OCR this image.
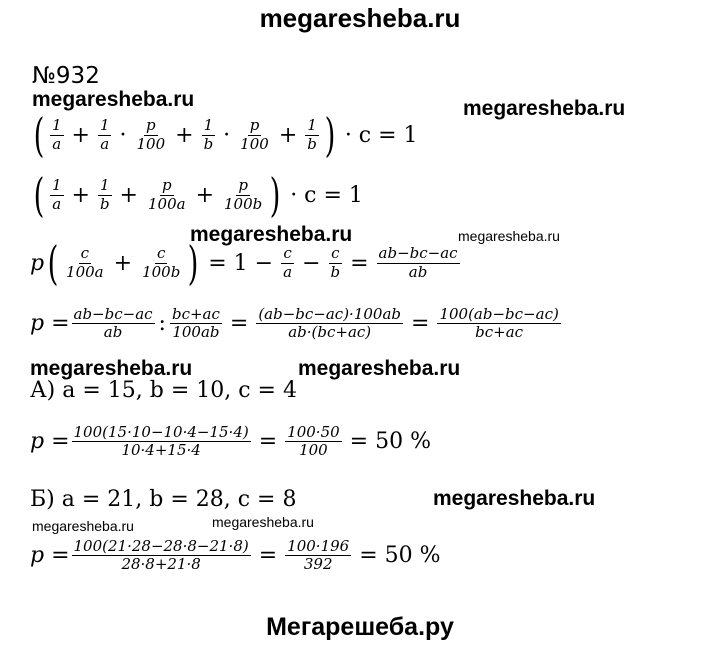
megaresheba.ru
№932
megaresheba.ru	megaresheba.ru
( $\frac{1}{a} + \frac{1}{a} \cdot \frac{p}{100} + \frac{1}{b} \cdot \frac{p}{100} + \frac{1}{b}$ ) · c = 1
( $\frac{1}{a} + \frac{1}{b} + \frac{p}{100a} + \frac{p}{100b}$ ) · c = 1
megaresheba.ru	megaresheba.ru
p ( $\frac{c}{100a} + \frac{c}{100b}$ ) = $1 - \frac{c}{a} - \frac{c}{b} = \frac{ab-bc-ac}{ab}$
$p = \frac{ab-bc-ac}{ab}$ : $\frac{bc+ac}{100ab} = \frac{(ab-bc-ac)\cdot 100ab}{ab\cdot(bc+ac)} = \frac{100(ab-bc-ac)}{bc+ac}$
megaresheba.ru	megaresheba.ru
А) a = 15, b = 10, c = 4
$p = \frac{100(15\cdot 10-10\cdot 4-15\cdot 4)}{10\cdot 4+15\cdot 4} = \frac{100\cdot 50}{100} = 50$ %
Б) a = 21, b = 28, c = 8	megaresheba.ru
megaresheba.ru	megaresheba.ru
$p = \frac{100(21\cdot 28-28\cdot 8-21\cdot 8)}{28\cdot 8+21\cdot 8} = \frac{100\cdot 196}{392} = 50$ %
Мегарешеба.ру
